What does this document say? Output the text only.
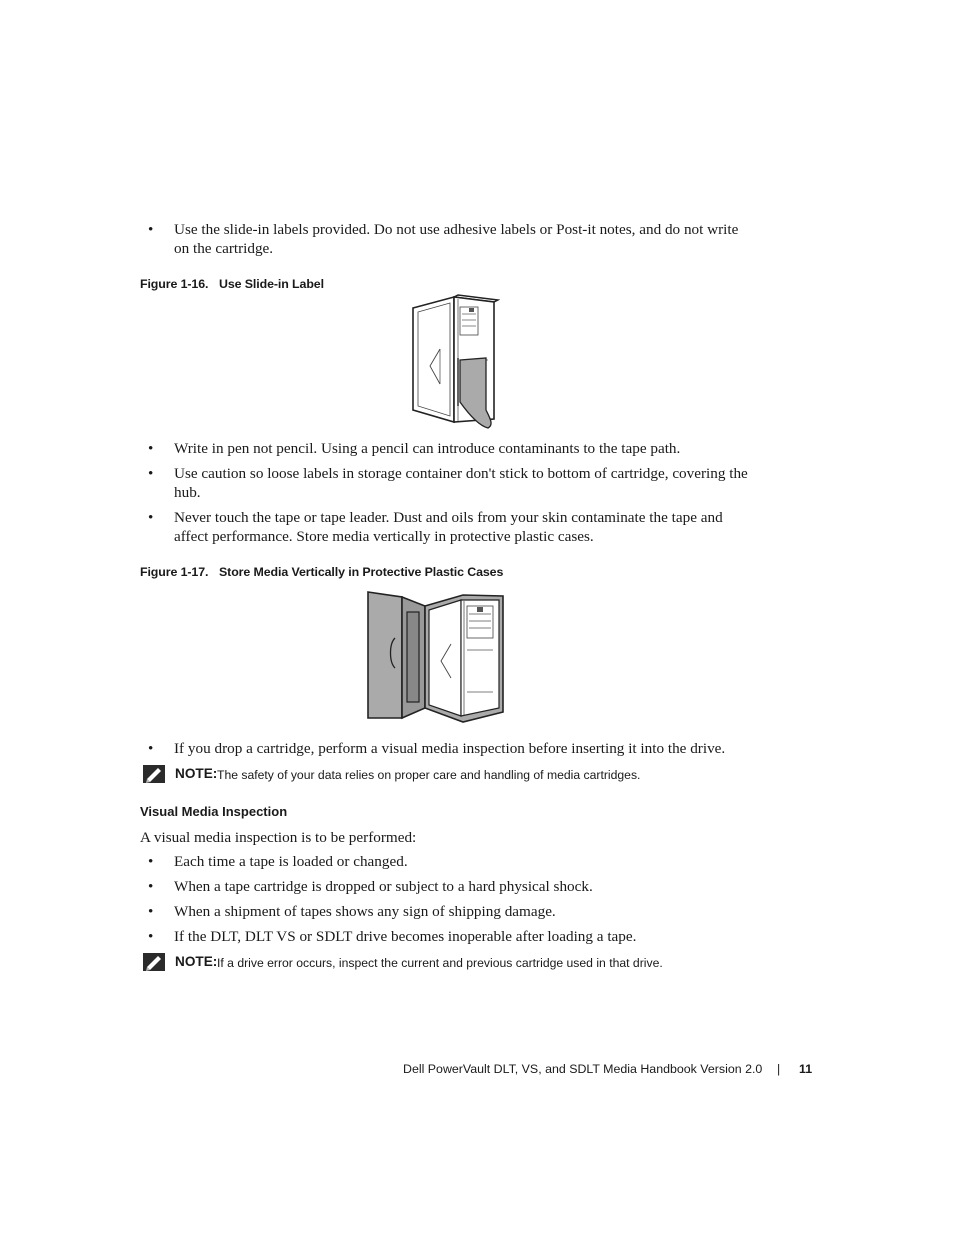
• Use the slide-in labels provided. Do not use adhesive labels or Post-it notes, and do not write on the cartridge.
Figure 1-16. Use Slide-in Label
• Write in pen not pencil. Using a pencil can introduce contaminants to the tape path.
• Use caution so loose labels in storage container don't stick to bottom of cartridge, covering the hub.
• Never touch the tape or tape leader. Dust and oils from your skin contaminate the tape and affect performance. Store media vertically in protective plastic cases.
Figure 1-17. Store Media Vertically in Protective Plastic Cases
• If you drop a cartridge, perform a visual media inspection before inserting it into the drive.
NOTE: The safety of your data relies on proper care and handling of media cartridges.
Visual Media Inspection
A visual media inspection is to be performed:
• Each time a tape is loaded or changed.
• When a tape cartridge is dropped or subject to a hard physical shock.
• When a shipment of tapes shows any sign of shipping damage.
• If the DLT, DLT VS or SDLT drive becomes inoperable after loading a tape.
NOTE: If a drive error occurs, inspect the current and previous cartridge used in that drive.
Dell PowerVault DLT, VS, and SDLT Media Handbook Version 2.0 | 11
